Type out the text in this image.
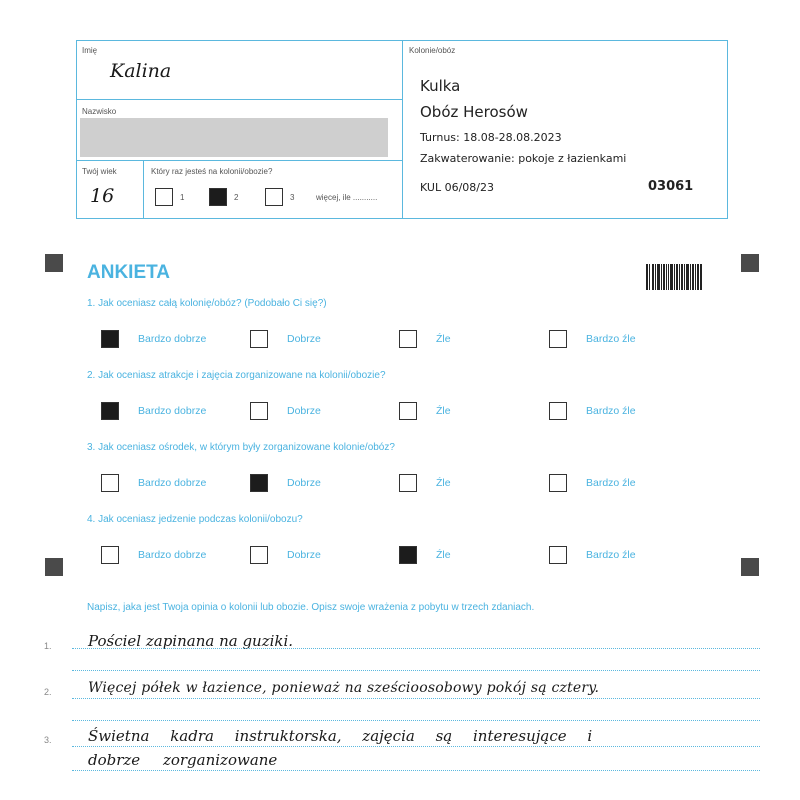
Imię
Kalina
Nazwisko
Twój wiek
16
Który raz jesteś na kolonii/obozie?
1	2	3	więcej, ile ...........
Kolonie/obóz
Kulka
Obóz Herosów
Turnus: 18.08-28.08.2023
Zakwaterowanie: pokoje z łazienkami
KUL 06/08/23	03061
ANKIETA
1. Jak oceniasz całą kolonię/obóz? (Podobało Ci się?)
Bardzo dobrze	Dobrze	Źle	Bardzo źle
2. Jak oceniasz atrakcje i zajęcia zorganizowane na kolonii/obozie?
Bardzo dobrze	Dobrze	Źle	Bardzo źle
3. Jak oceniasz ośrodek, w którym były zorganizowane kolonie/obóz?
Bardzo dobrze	Dobrze	Źle	Bardzo źle
4. Jak oceniasz jedzenie podczas kolonii/obozu?
Bardzo dobrze	Dobrze	Źle	Bardzo źle
Napisz, jaka jest Twoja opinia o kolonii lub obozie. Opisz swoje wrażenia z pobytu w trzech zdaniach.
1. Pościel zapinana na guziki.
2.	Więcej półek w łazience, ponieważ na sześcioosobowy pokój są cztery.
3. Świetna kadra instruktorska, zajęcia są interesujące i
dobrze zorganizowane
